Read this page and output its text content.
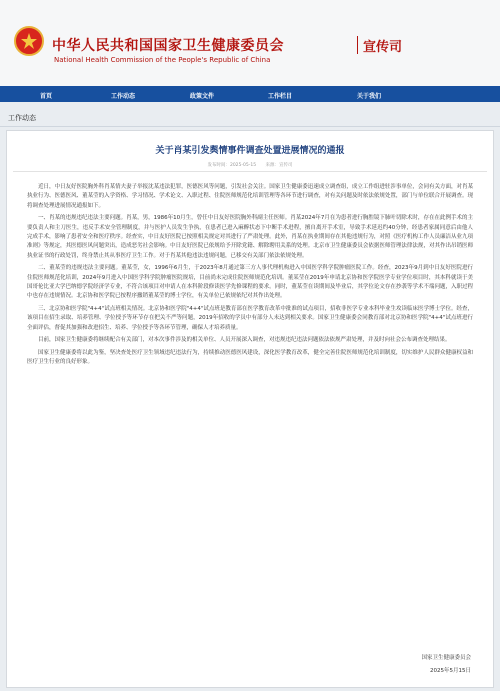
中华人民共和国国家卫生健康委员会
National Health Commission of the People's Republic of China
宣传司
首页	工作动态	政策文件	工作栏目	关于我们
工作动态
关于肖某引发舆情事件调查处置进展情况的通报
发布时间：2025-05-15 来源：宣传司

近日，中日友好医院胸外科肖某情夫妻子举报沈某违法犯罪，医德医风等问题，引发社会关注。国家卫生健康委迅速成立调查组，成立工作组进驻涉事单位，会同有关方面，对肖某执业行为、医德医风、董某莹的入学资格、学习情况、学术论文、入职过程、住院医师规范化培训管理等各环节进行调查，对有关问题及时依法依规处置，部门与单位联合开展调查。现将调查处理进展情况通报如下。

一、肖某的违规违纪违法主要问题。肖某，男，1986年10月生，曾任中日友好医院胸外科副主任医师。肖某2024年7月在为患者进行胸腔镜下肺叶切除术时，存在在此例手术的主要负责人和主刀医生，违反手术安全管理制度，并与医护人员发生争执，在患者已进入麻醉状态下中断手术进程，擅自离开手术室，导致手术延迟约40分钟，经患者家属同意后由他人完成手术，影响了患者安全和医疗秩序。经查实，中日友好医院已按照相关规定对其进行了严肃处理。此外，肖某在执业期间存在其他违规行为，对照《医疗机构工作人员廉洁从业九项准则》等规定，其医德医风问题突出，造成恶劣社会影响。中日友好医院已依规给予开除党籍、解除聘用关系的处理。北京市卫生健康委员会依据医师管理法律法规，对其作出吊销医师执业证书的行政处罚，终身禁止其从事医疗卫生工作。对于肖某其他违法违规问题，已移交有关部门依法依规处理。

二、董某莹的违规违法主要问题。董某莹，女，1996年6月生，于2023年8月通过第三方人事代理机构进入中国医学科学院肿瘤医院工作。经查，2023年9月到中日友好医院进行住院医师规范化培训，2024年9月进入中国医学科学院肿瘤医院规培，目前尚未完成住院医师规范化培训。董某莹在2019年申请北京协和医学院医学专业学位项目时，其本科就读于美国哥伦比亚大学巴纳德学院经济学专业，不符合该项目对申请人在本科阶段修读医学先修课程的要求。同时，董某莹在读期间及毕业后，其学位论文存在抄袭等学术不端问题，入职过程中也存在违规情况。北京协和医学院已按程序撤销董某莹的博士学位，有关单位已依规依纪对其作出处理。

三、北京协和医学院"4+4"试点班相关情况。北京协和医学院"4+4"试点班是教育部在医学教育改革中批准的试点项目，招收非医学专业本科毕业生攻读临床医学博士学位。经查，该项目在招生录取、培养管理、学位授予等环节存在把关不严等问题，2019年招收的学员中有部分人未达到相关要求。国家卫生健康委会同教育部对北京协和医学院"4+4"试点班进行全面评估，督促其加强和改进招生、培养、学位授予等各环节管理，确保人才培养质量。

目前，国家卫生健康委将继续配合有关部门，对本次事件涉及的相关单位、人员开展深入调查，对违规违纪违法问题依法依规严肃处理，并及时向社会公布调查处理结果。

国家卫生健康委将以此为鉴，坚决查处医疗卫生领域违纪违法行为，持续推动医德医风建设，深化医学教育改革，健全完善住院医师规范化培训制度，切实维护人民群众健康权益和医疗卫生行业的良好形象。

国家卫生健康委员会
2025年5月15日
